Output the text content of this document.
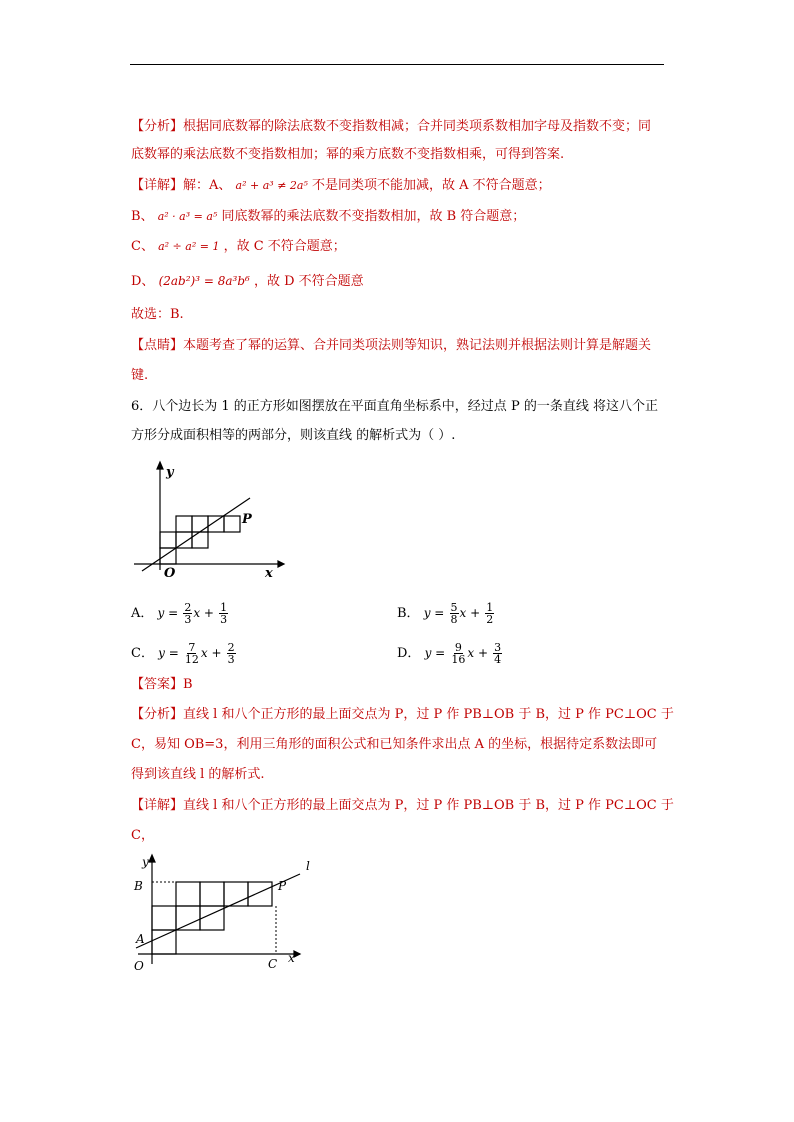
【分析】根据同底数幂的除法底数不变指数相减；合并同类项系数相加字母及指数不变；同
底数幂的乘法底数不变指数相加；幂的乘方底数不变指数相乘，可得到答案.
【详解】解：A、 a² + a³ ≠ 2a⁵ 不是同类项不能加减，故 A 不符合题意；
B、 a² · a³ = a⁵ 同底数幂的乘法底数不变指数相加，故 B 符合题意；
C、 a² ÷ a² = 1 ，故 C 不符合题意；
D、 (2ab²)³ = 8a³b⁶ ，故 D 不符合题意
故选：B.
【点睛】本题考查了幂的运算、合并同类项法则等知识，熟记法则并根据法则计算是解题关
键.
6．八个边长为 1 的正方形如图摆放在平面直角坐标系中，经过点 P 的一条直线 将这八个正
方形分成面积相等的两部分，则该直线 的解析式为（ ）.
y
x
O
P
A． $y = \frac{2}{3}$ $x + \frac{1}{3}$	B． $y = \frac{5}{8}$ $x + \frac{1}{2}$
C． $y = \frac{7}{12}$ $x + \frac{2}{3}$	D． $y = \frac{9}{16}$ $x + \frac{3}{4}$
【答案】B
【分析】直线 l 和八个正方形的最上面交点为 P，过 P 作 PB⊥OB 于 B，过 P 作 PC⊥OC 于
C，易知 OB=3，利用三角形的面积公式和已知条件求出点 A 的坐标，根据待定系数法即可
得到该直线 l 的解析式.
【详解】直线 l 和八个正方形的最上面交点为 P，过 P 作 PB⊥OB 于 B，过 P 作 PC⊥OC 于
C，
y
x
O
A
B
C
P
l
